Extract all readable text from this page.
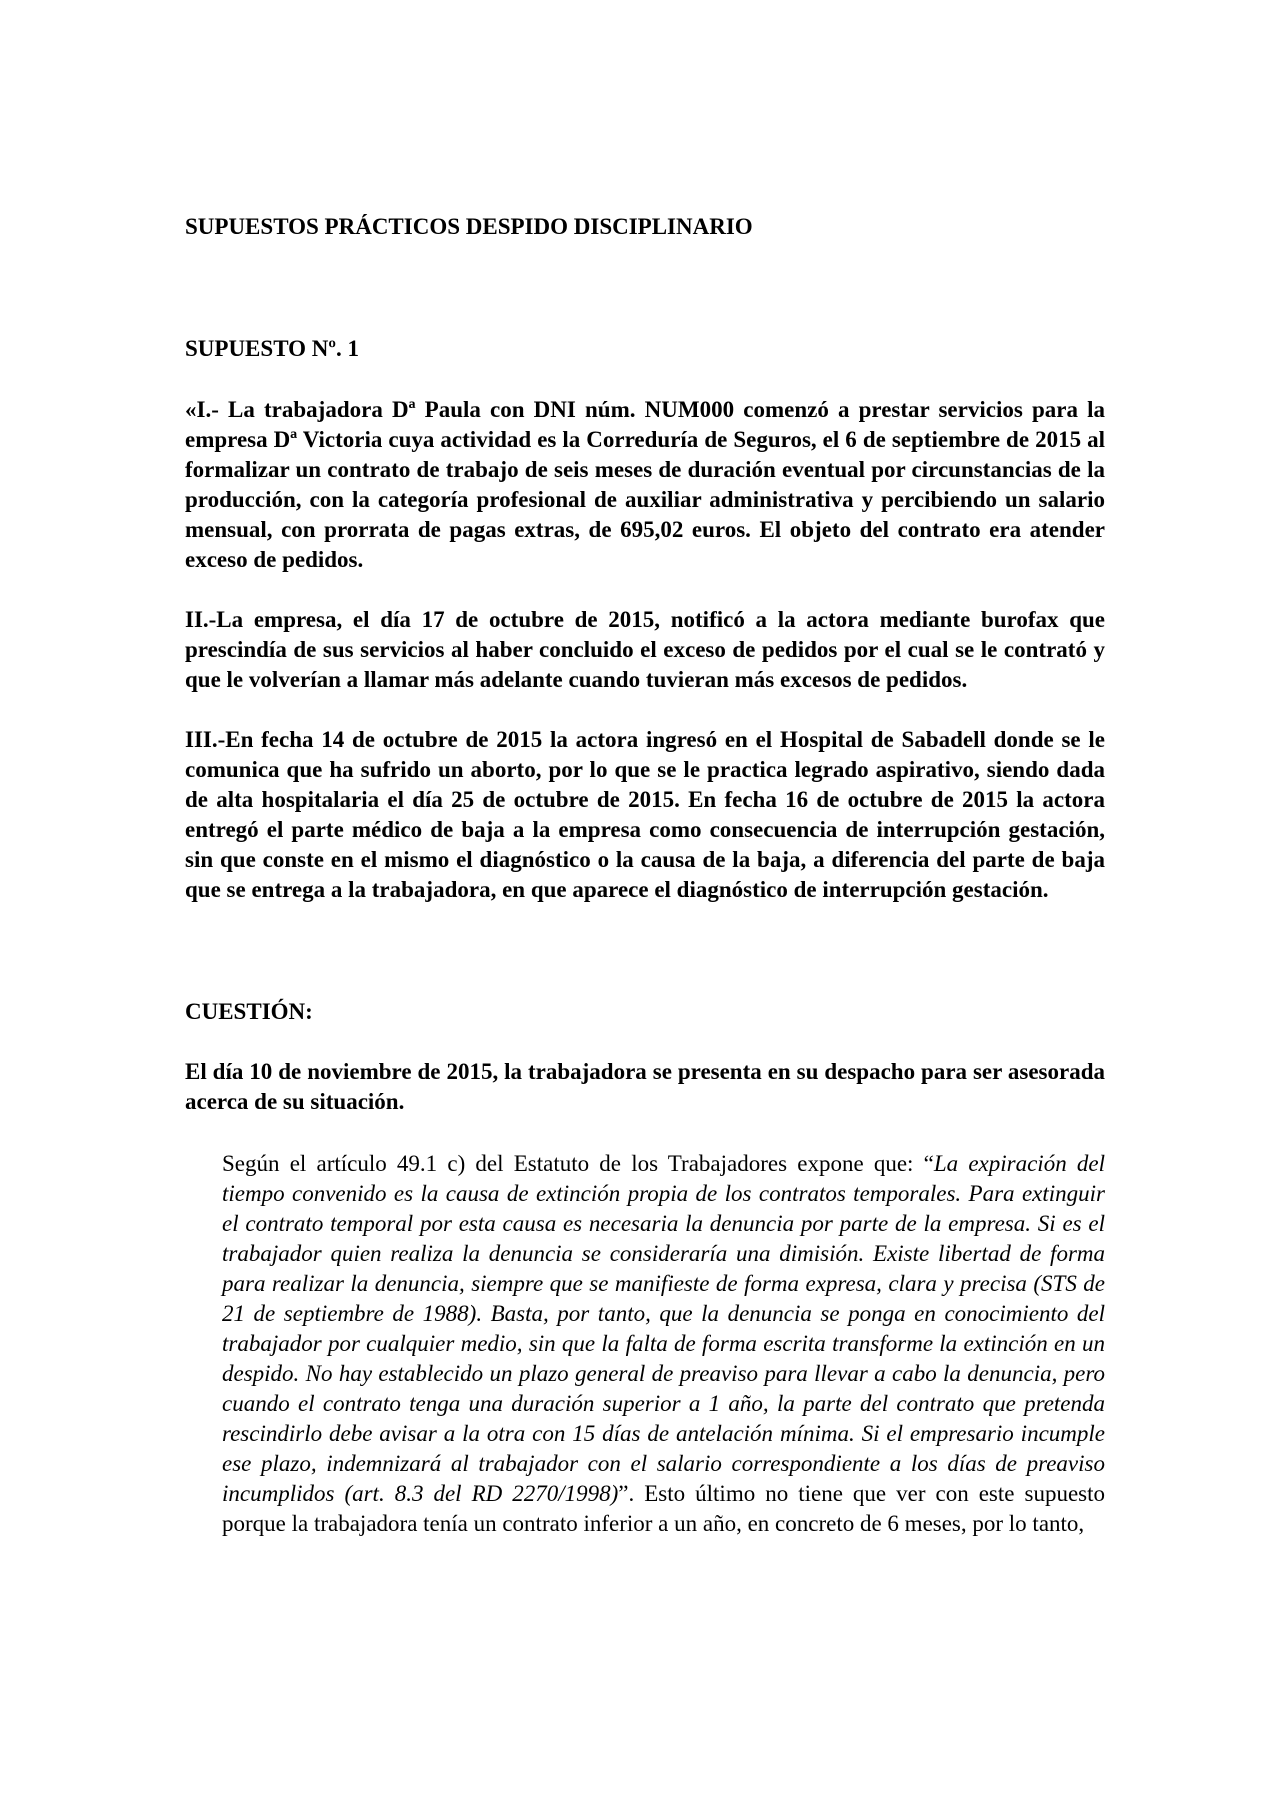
SUPUESTOS PRÁCTICOS DESPIDO DISCIPLINARIO

SUPUESTO Nº. 1

«I.- La trabajadora Dª Paula con DNI núm. NUM000 comenzó a prestar servicios para la empresa Dª Victoria cuya actividad es la Correduría de Seguros, el 6 de septiembre de 2015 al formalizar un contrato de trabajo de seis meses de duración eventual por circunstancias de la producción, con la categoría profesional de auxiliar administrativa y percibiendo un salario mensual, con prorrata de pagas extras, de 695,02 euros. El objeto del contrato era atender exceso de pedidos.

II.-La empresa, el día 17 de octubre de 2015, notificó a la actora mediante burofax que prescindía de sus servicios al haber concluido el exceso de pedidos por el cual se le contrató y que le volverían a llamar más adelante cuando tuvieran más excesos de pedidos.

III.-En fecha 14 de octubre de 2015 la actora ingresó en el Hospital de Sabadell donde se le comunica que ha sufrido un aborto, por lo que se le practica legrado aspirativo, siendo dada de alta hospitalaria el día 25 de octubre de 2015. En fecha 16 de octubre de 2015 la actora entregó el parte médico de baja a la empresa como consecuencia de interrupción gestación, sin que conste en el mismo el diagnóstico o la causa de la baja, a diferencia del parte de baja que se entrega a la trabajadora, en que aparece el diagnóstico de interrupción gestación.

CUESTIÓN:

El día 10 de noviembre de 2015, la trabajadora se presenta en su despacho para ser asesorada acerca de su situación.

Según el artículo 49.1 c) del Estatuto de los Trabajadores expone que: “La expiración del tiempo convenido es la causa de extinción propia de los contratos temporales. Para extinguir el contrato temporal por esta causa es necesaria la denuncia por parte de la empresa. Si es el trabajador quien realiza la denuncia se consideraría una dimisión. Existe libertad de forma para realizar la denuncia, siempre que se manifieste de forma expresa, clara y precisa (STS de 21 de septiembre de 1988). Basta, por tanto, que la denuncia se ponga en conocimiento del trabajador por cualquier medio, sin que la falta de forma escrita transforme la extinción en un despido. No hay establecido un plazo general de preaviso para llevar a cabo la denuncia, pero cuando el contrato tenga una duración superior a 1 año, la parte del contrato que pretenda rescindirlo debe avisar a la otra con 15 días de antelación mínima. Si el empresario incumple ese plazo, indemnizará al trabajador con el salario correspondiente a los días de preaviso incumplidos (art. 8.3 del RD 2270/1998)”. Esto último no tiene que ver con este supuesto porque la trabajadora tenía un contrato inferior a un año, en concreto de 6 meses, por lo tanto,
